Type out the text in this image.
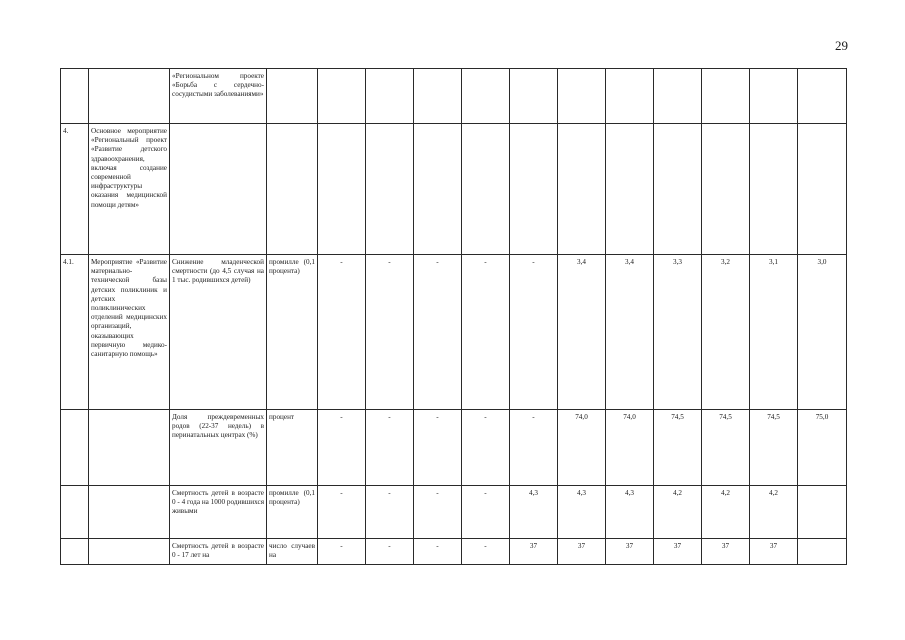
29
		«Региональном проекте «Борьба с сердечно-сосудистыми заболеваниями»												
4.	Основное мероприятие «Региональный проект «Развитие детского здравоохранения, включая создание современной инфраструктуры оказания медицинской помощи детям»													
4.1.	Мероприятие «Развитие материально-технической базы детских поликлиник и детских поликлинических отделений медицинских организаций, оказывающих первичную медико-санитарную помощь»	Снижение младенческой смертности (до 4,5 случая на 1 тыс. родившихся детей)	промилле (0,1 процента)	-	-	-	-	-	3,4	3,4	3,3	3,2	3,1	3,0
		Доля преждевременных родов (22-37 недель) в перинатальных центрах (%)	процент	-	-	-	-	-	74,0	74,0	74,5	74,5	74,5	75,0
		Смертность детей в возрасте 0 - 4 года на 1000 родившихся живыми	промилле (0,1 процента)	-	-	-	-	4,3	4,3	4,3	4,2	4,2	4,2	
		Смертность детей в возрасте 0 - 17 лет на	число случаев на	-	-	-	-	37	37	37	37	37	37	
